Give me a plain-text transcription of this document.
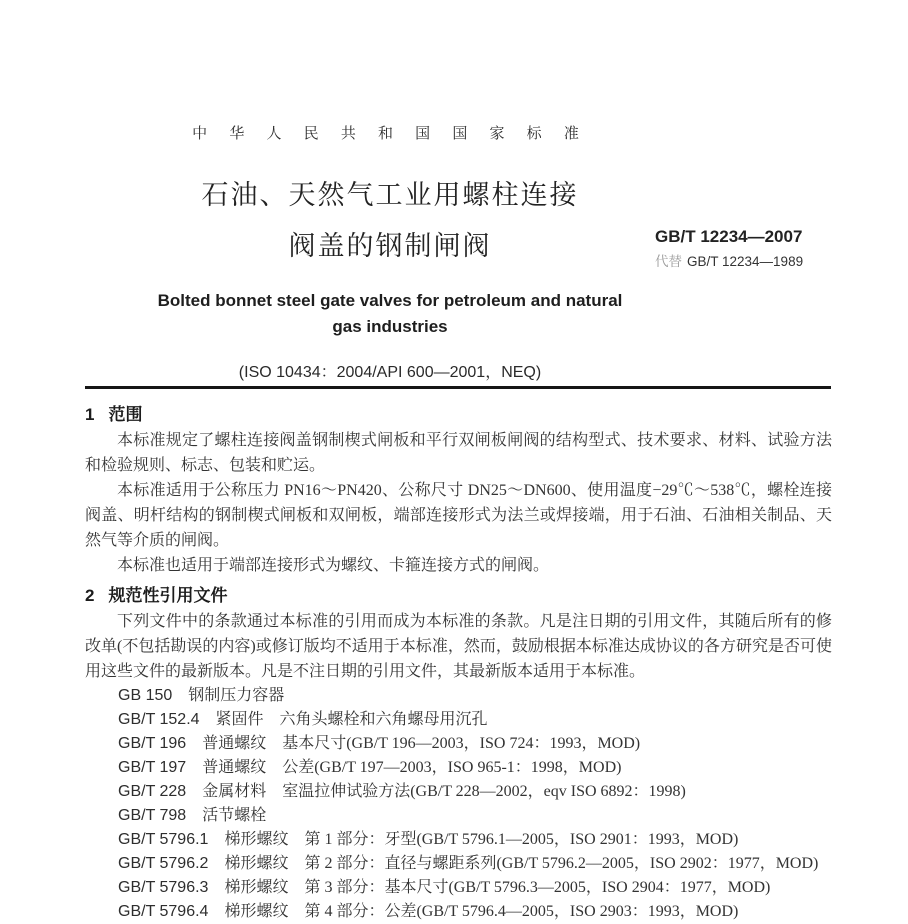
中 华 人 民 共 和 国 国 家 标 准
石油、天然气工业用螺柱连接
阀盖的钢制闸阀	GB/T 12234—2007
代替 GB/T 12234—1989
Bolted bonnet steel gate valves for petroleum and natural
gas industries
(ISO 10434：2004/API 600—2001，NEQ)
1 范围

本标准规定了螺柱连接阀盖钢制楔式闸板和平行双闸板闸阀的结构型式、技术要求、材料、试验方法和检验规则、标志、包装和贮运。

本标准适用于公称压力 PN16～PN420、公称尺寸 DN25～DN600、使用温度−29℃～538℃，螺栓连接阀盖、明杆结构的钢制楔式闸板和双闸板，端部连接形式为法兰或焊接端，用于石油、石油相关制品、天然气等介质的闸阀。

本标准也适用于端部连接形式为螺纹、卡箍连接方式的闸阀。

2 规范性引用文件

下列文件中的条款通过本标准的引用而成为本标准的条款。凡是注日期的引用文件，其随后所有的修改单(不包括勘误的内容)或修订版均不适用于本标准，然而，鼓励根据本标准达成协议的各方研究是否可使用这些文件的最新版本。凡是不注日期的引用文件，其最新版本适用于本标准。

GB 150 钢制压力容器
GB/T 152.4 紧固件　六角头螺栓和六角螺母用沉孔
GB/T 196 普通螺纹　基本尺寸(GB/T 196—2003，ISO 724：1993，MOD)
GB/T 197 普通螺纹　公差(GB/T 197—2003，ISO 965-1：1998，MOD)
GB/T 228 金属材料　室温拉伸试验方法(GB/T 228—2002，eqv ISO 6892：1998)
GB/T 798 活节螺栓
GB/T 5796.1 梯形螺纹　第 1 部分：牙型(GB/T 5796.1—2005，ISO 2901：1993，MOD)
GB/T 5796.2 梯形螺纹　第 2 部分：直径与螺距系列(GB/T 5796.2—2005，ISO 2902：1977，MOD)
GB/T 5796.3 梯形螺纹　第 3 部分：基本尺寸(GB/T 5796.3—2005，ISO 2904：1977，MOD)
GB/T 5796.4 梯形螺纹　第 4 部分：公差(GB/T 5796.4—2005，ISO 2903：1993，MOD)
